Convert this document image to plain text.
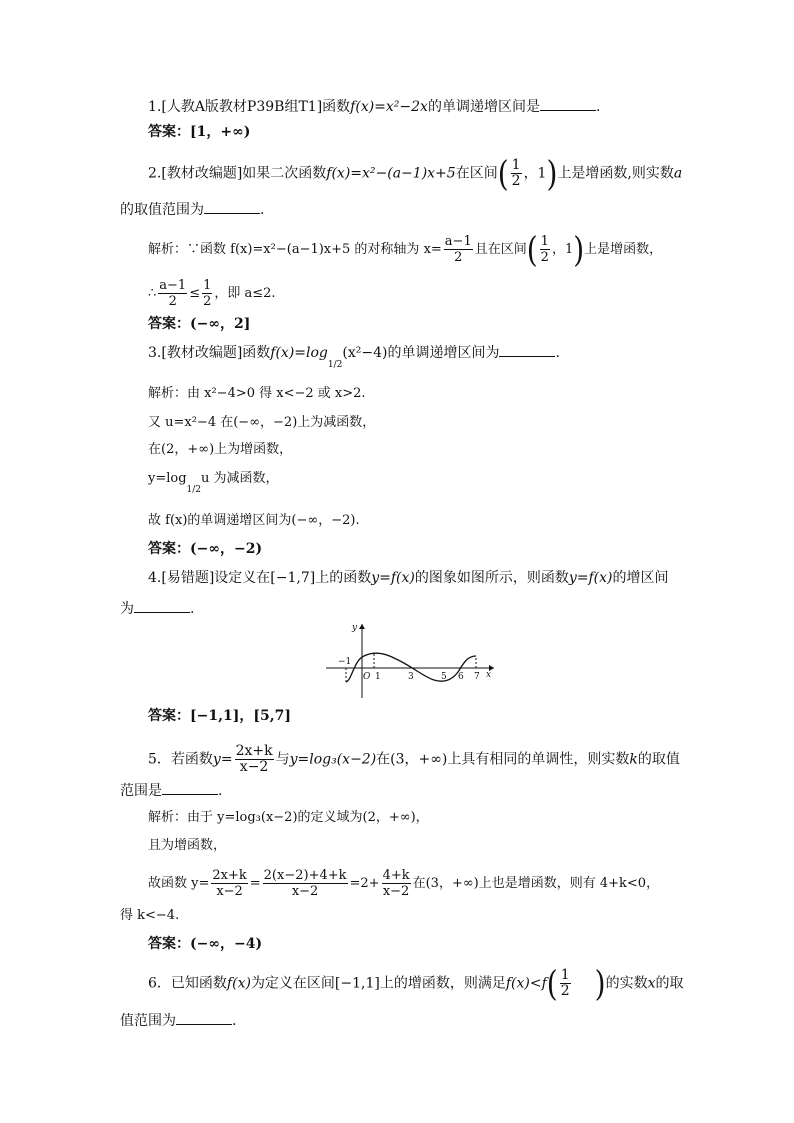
1.[人教A版教材P39B组T1]函数f(x)=x²−2x的单调递增区间是	.
答案：[1，+∞)
2.[教材改编题]如果二次函数f(x)=x²−(a−1)x+5在区间( $\frac{1}{2}$ ，1)上是增函数,则实数a
的取值范围为	.
解析：∵函数 f(x)=x²−(a−1)x+5 的对称轴为 $x= \frac{a-1}{2}$ 且在区间( $\frac{1}{2}$ ，1)上是增函数，
∴ $\frac{a-1}{2} \le \frac{1}{2}$ ，即 a≤2.
答案：(−∞，2]
3.[教材改编题]函数f(x)=log1/2(x²−4)的单调递增区间为	.
解析：由 x²−4>0 得 x<−2 或 x>2.
又 u=x²−4 在(−∞，−2)上为减函数，
在(2，+∞)上为增函数，
y=log1/2u 为减函数，
故 f(x)的单调递增区间为(−∞，−2).
答案：(−∞，−2)
4.[易错题]设定义在[−1,7]上的函数y=f(x)的图象如图所示，则函数y=f(x)的增区间
为	.
y
x
O
−1
1	3	5 6 7
答案：[−1,1]，[5,7]
5．若函数$y= \frac{2x+k}{x-2}$ 与y=log₃(x−2)在(3，+∞)上具有相同的单调性，则实数k的取值
范围是	.
解析：由于 y=log₃(x−2)的定义域为(2，+∞)，
且为增函数，
故函数 $y= \frac{2x+k}{x-2} = \frac{2(x-2)+4+k}{x-2} =2+ \frac{4+k}{x-2}$ 在(3，+∞)上也是增函数，则有 4+k<0，
得 k<−4.
答案：(−∞，−4)
6．已知函数f(x)为定义在区间[−1,1]上的增函数，则满足$f(x)<f( \frac{1}{2}$ )的实数x的取
值范围为	.
